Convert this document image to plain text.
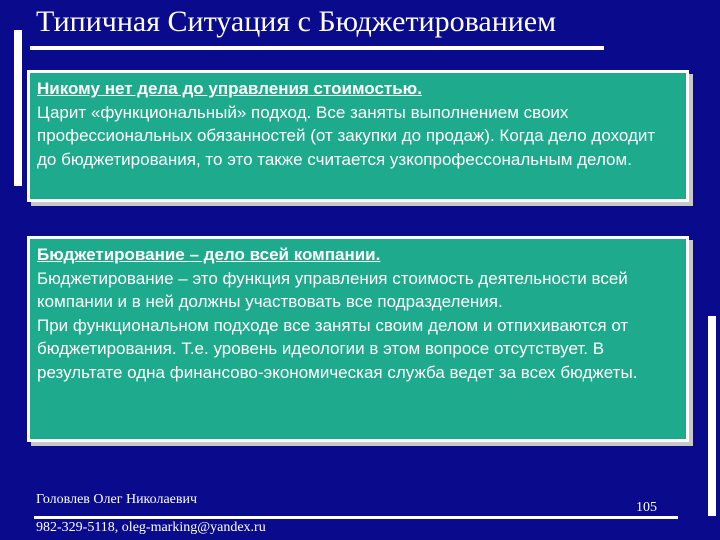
Типичная Ситуация с Бюджетированием
Никому нет дела до управления стоимостью.
Царит «функциональный» подход. Все заняты выполнением своих профессиональных обязанностей (от закупки до продаж). Когда дело доходит до бюджетирования, то это также считается узкопрофессональным делом.
Бюджетирование – дело всей компании.
Бюджетирование – это функция управления стоимость деятельности всей компании и в ней должны участвовать все подразделения.
При функциональном подходе все заняты своим делом и отпихиваются от бюджетирования. Т.е. уровень идеологии в этом вопросе отсутствует. В результате одна финансово-экономическая служба ведет за всех бюджеты.
Головлев Олег Николаевич
982-329-5118, oleg-marking@yandex.ru
105
